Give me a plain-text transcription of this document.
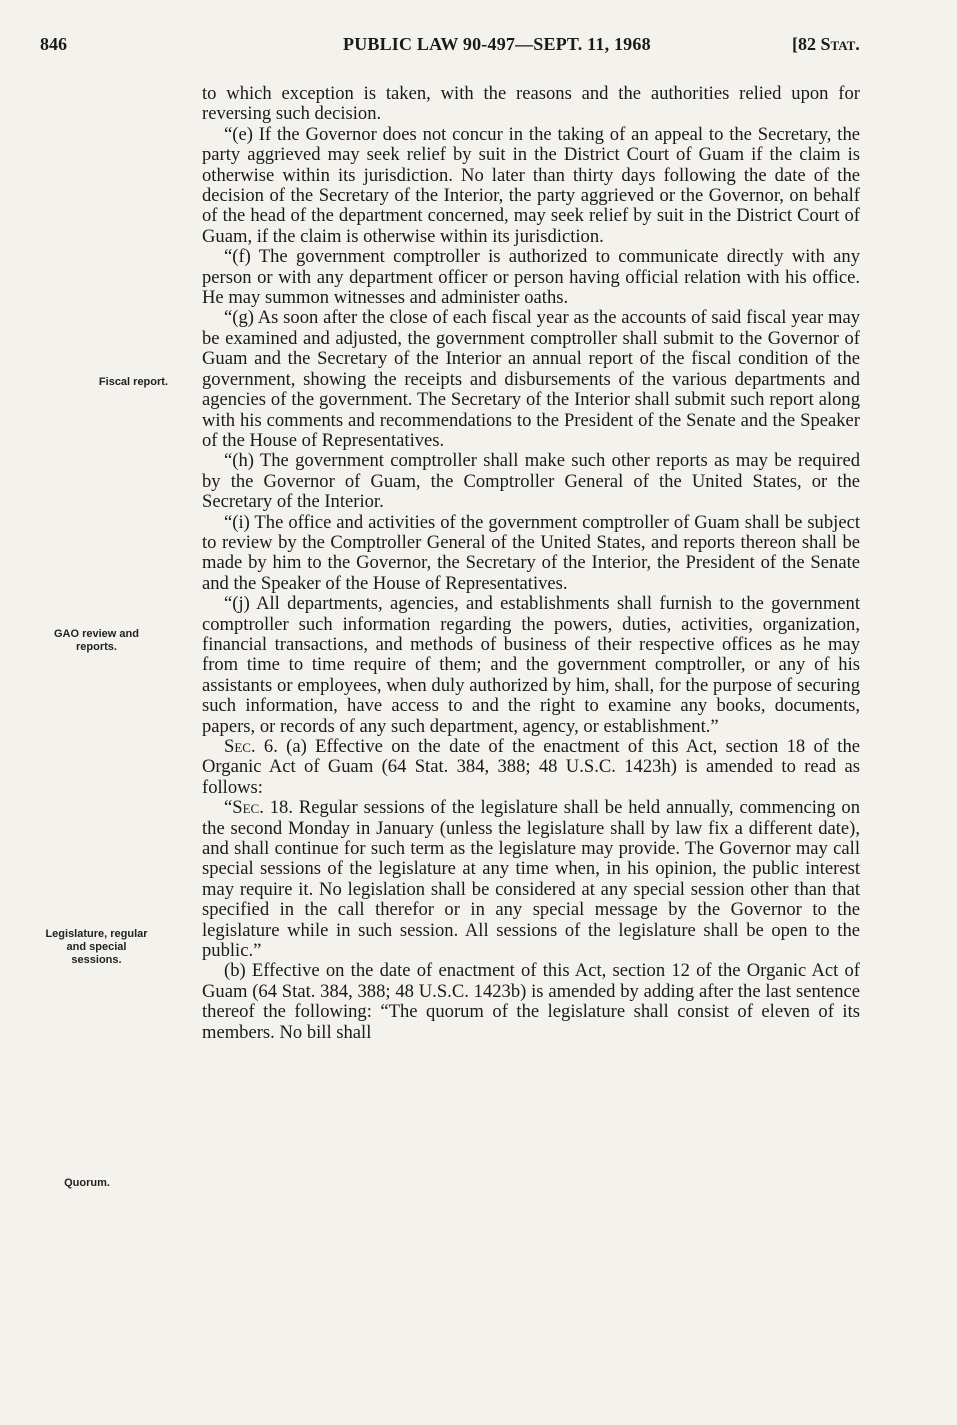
846	PUBLIC LAW 90-497—SEPT. 11, 1968	[82 Stat.
Fiscal report.
GAO review and reports.
Legislature, regular and special sessions.
Quorum.

to which exception is taken, with the reasons and the authorities relied upon for reversing such decision.

“(e) If the Governor does not concur in the taking of an appeal to the Secretary, the party aggrieved may seek relief by suit in the District Court of Guam if the claim is otherwise within its jurisdiction. No later than thirty days following the date of the decision of the Secretary of the Interior, the party aggrieved or the Governor, on behalf of the head of the department concerned, may seek relief by suit in the District Court of Guam, if the claim is otherwise within its jurisdiction.

“(f) The government comptroller is authorized to communicate directly with any person or with any department officer or person having official relation with his office. He may summon witnesses and administer oaths.

“(g) As soon after the close of each fiscal year as the accounts of said fiscal year may be examined and adjusted, the government comptroller shall submit to the Governor of Guam and the Secretary of the Interior an annual report of the fiscal condition of the government, showing the receipts and disbursements of the various departments and agencies of the government. The Secretary of the Interior shall submit such report along with his comments and recommendations to the President of the Senate and the Speaker of the House of Representatives.

“(h) The government comptroller shall make such other reports as may be required by the Governor of Guam, the Comptroller General of the United States, or the Secretary of the Interior.

“(i) The office and activities of the government comptroller of Guam shall be subject to review by the Comptroller General of the United States, and reports thereon shall be made by him to the Governor, the Secretary of the Interior, the President of the Senate and the Speaker of the House of Representatives.

“(j) All departments, agencies, and establishments shall furnish to the government comptroller such information regarding the powers, duties, activities, organization, financial transactions, and methods of business of their respective offices as he may from time to time require of them; and the government comptroller, or any of his assistants or employees, when duly authorized by him, shall, for the purpose of securing such information, have access to and the right to examine any books, documents, papers, or records of any such department, agency, or establishment.”

Sec. 6. (a) Effective on the date of the enactment of this Act, section 18 of the Organic Act of Guam (64 Stat. 384, 388; 48 U.S.C. 1423h) is amended to read as follows:

“Sec. 18. Regular sessions of the legislature shall be held annually, commencing on the second Monday in January (unless the legislature shall by law fix a different date), and shall continue for such term as the legislature may provide. The Governor may call special sessions of the legislature at any time when, in his opinion, the public interest may require it. No legislation shall be considered at any special session other than that specified in the call therefor or in any special message by the Governor to the legislature while in such session. All sessions of the legislature shall be open to the public.”

(b) Effective on the date of enactment of this Act, section 12 of the Organic Act of Guam (64 Stat. 384, 388; 48 U.S.C. 1423b) is amended by adding after the last sentence thereof the following: “The quorum of the legislature shall consist of eleven of its members. No bill shall
